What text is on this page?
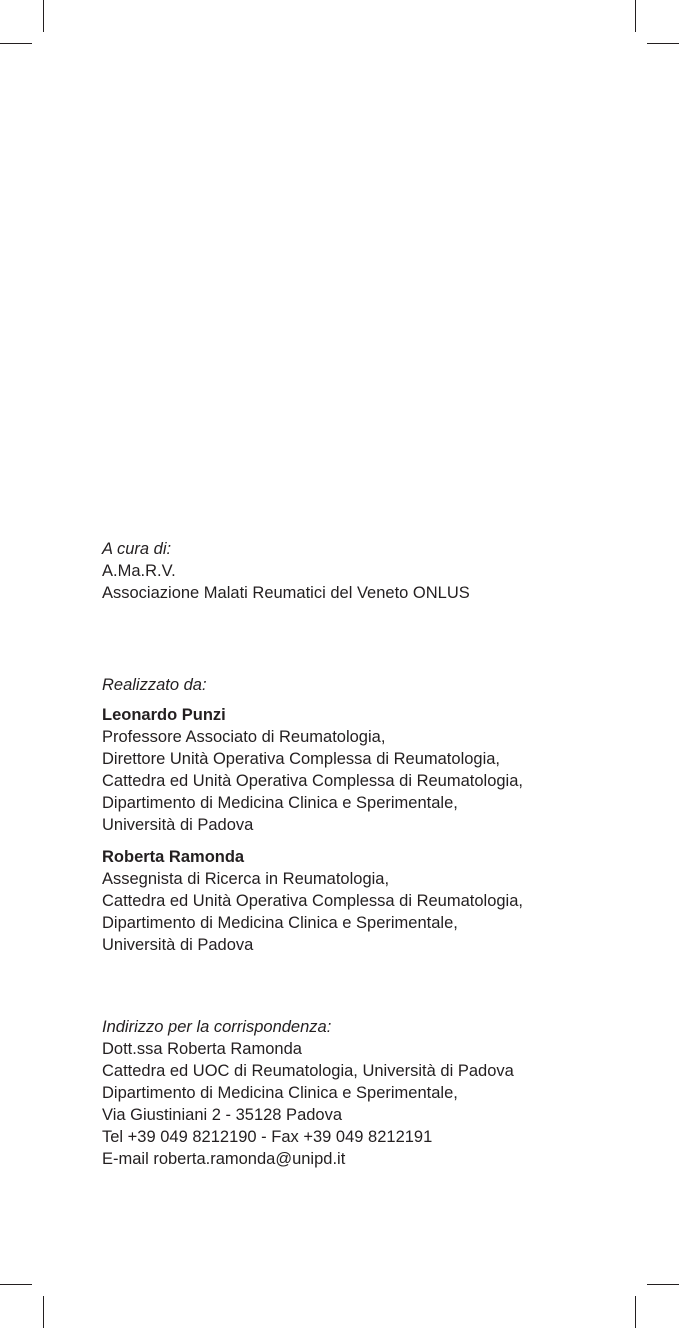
A cura di:
A.Ma.R.V.
Associazione Malati Reumatici del Veneto ONLUS
Realizzato da:
Leonardo Punzi
Professore Associato di Reumatologia,
Direttore Unità Operativa Complessa di Reumatologia,
Cattedra ed Unità Operativa Complessa di Reumatologia,
Dipartimento di Medicina Clinica e Sperimentale,
Università di Padova
Roberta Ramonda
Assegnista di Ricerca in Reumatologia,
Cattedra ed Unità Operativa Complessa di Reumatologia,
Dipartimento di Medicina Clinica e Sperimentale,
Università di Padova
Indirizzo per la corrispondenza:
Dott.ssa Roberta Ramonda
Cattedra ed UOC di Reumatologia, Università di Padova
Dipartimento di Medicina Clinica e Sperimentale,
Via Giustiniani 2 - 35128 Padova
Tel +39 049 8212190 - Fax +39 049 8212191
E-mail roberta.ramonda@unipd.it
